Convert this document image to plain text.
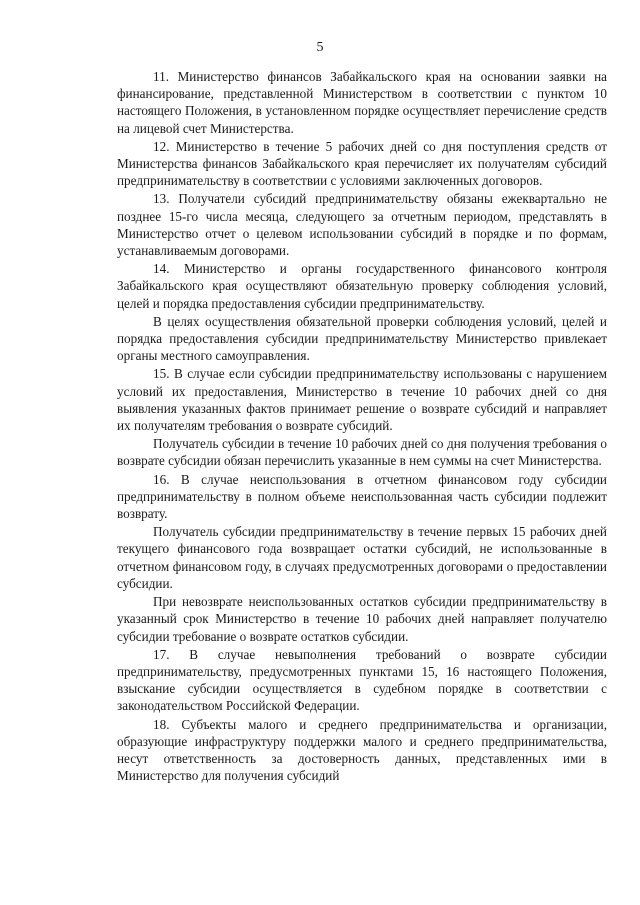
5

11. Министерство финансов Забайкальского края на основании заявки на финансирование, представленной Министерством в соответствии с пунктом 10 настоящего Положения, в установленном порядке осуществляет перечисление средств на лицевой счет Министерства.

12. Министерство в течение 5 рабочих дней со дня поступления средств от Министерства финансов Забайкальского края перечисляет их получателям субсидий предпринимательству в соответствии с условиями заключенных договоров.

13. Получатели субсидий предпринимательству обязаны ежеквартально не позднее 15-го числа месяца, следующего за отчетным периодом, представлять в Министерство отчет о целевом использовании субсидий в порядке и по формам, устанавливаемым договорами.

14. Министерство и органы государственного финансового контроля Забайкальского края осуществляют обязательную проверку соблюдения условий, целей и порядка предоставления субсидии предпринимательству.

В целях осуществления обязательной проверки соблюдения условий, целей и порядка предоставления субсидии предпринимательству Министерство привлекает органы местного самоуправления.

15. В случае если субсидии предпринимательству использованы с нарушением условий их предоставления, Министерство в течение 10 рабочих дней со дня выявления указанных фактов принимает решение о возврате субсидий и направляет их получателям требования о возврате субсидий.

Получатель субсидии в течение 10 рабочих дней со дня получения требования о возврате субсидии обязан перечислить указанные в нем суммы на счет Министерства.

16. В случае неиспользования в отчетном финансовом году субсидии предпринимательству в полном объеме неиспользованная часть субсидии подлежит возврату.

Получатель субсидии предпринимательству в течение первых 15 рабочих дней текущего финансового года возвращает остатки субсидий, не использованные в отчетном финансовом году, в случаях предусмотренных договорами о предоставлении субсидии.

При невозврате неиспользованных остатков субсидии предпринимательству в указанный срок Министерство в течение 10 рабочих дней направляет получателю субсидии требование о возврате остатков субсидии.

17. В случае невыполнения требований о возврате субсидии предпринимательству, предусмотренных пунктами 15, 16 настоящего Положения, взыскание субсидии осуществляется в судебном порядке в соответствии с законодательством Российской Федерации.

18. Субъекты малого и среднего предпринимательства и организации, образующие инфраструктуру поддержки малого и среднего предпринимательства, несут ответственность за достоверность данных, представленных ими в Министерство для получения субсидий
